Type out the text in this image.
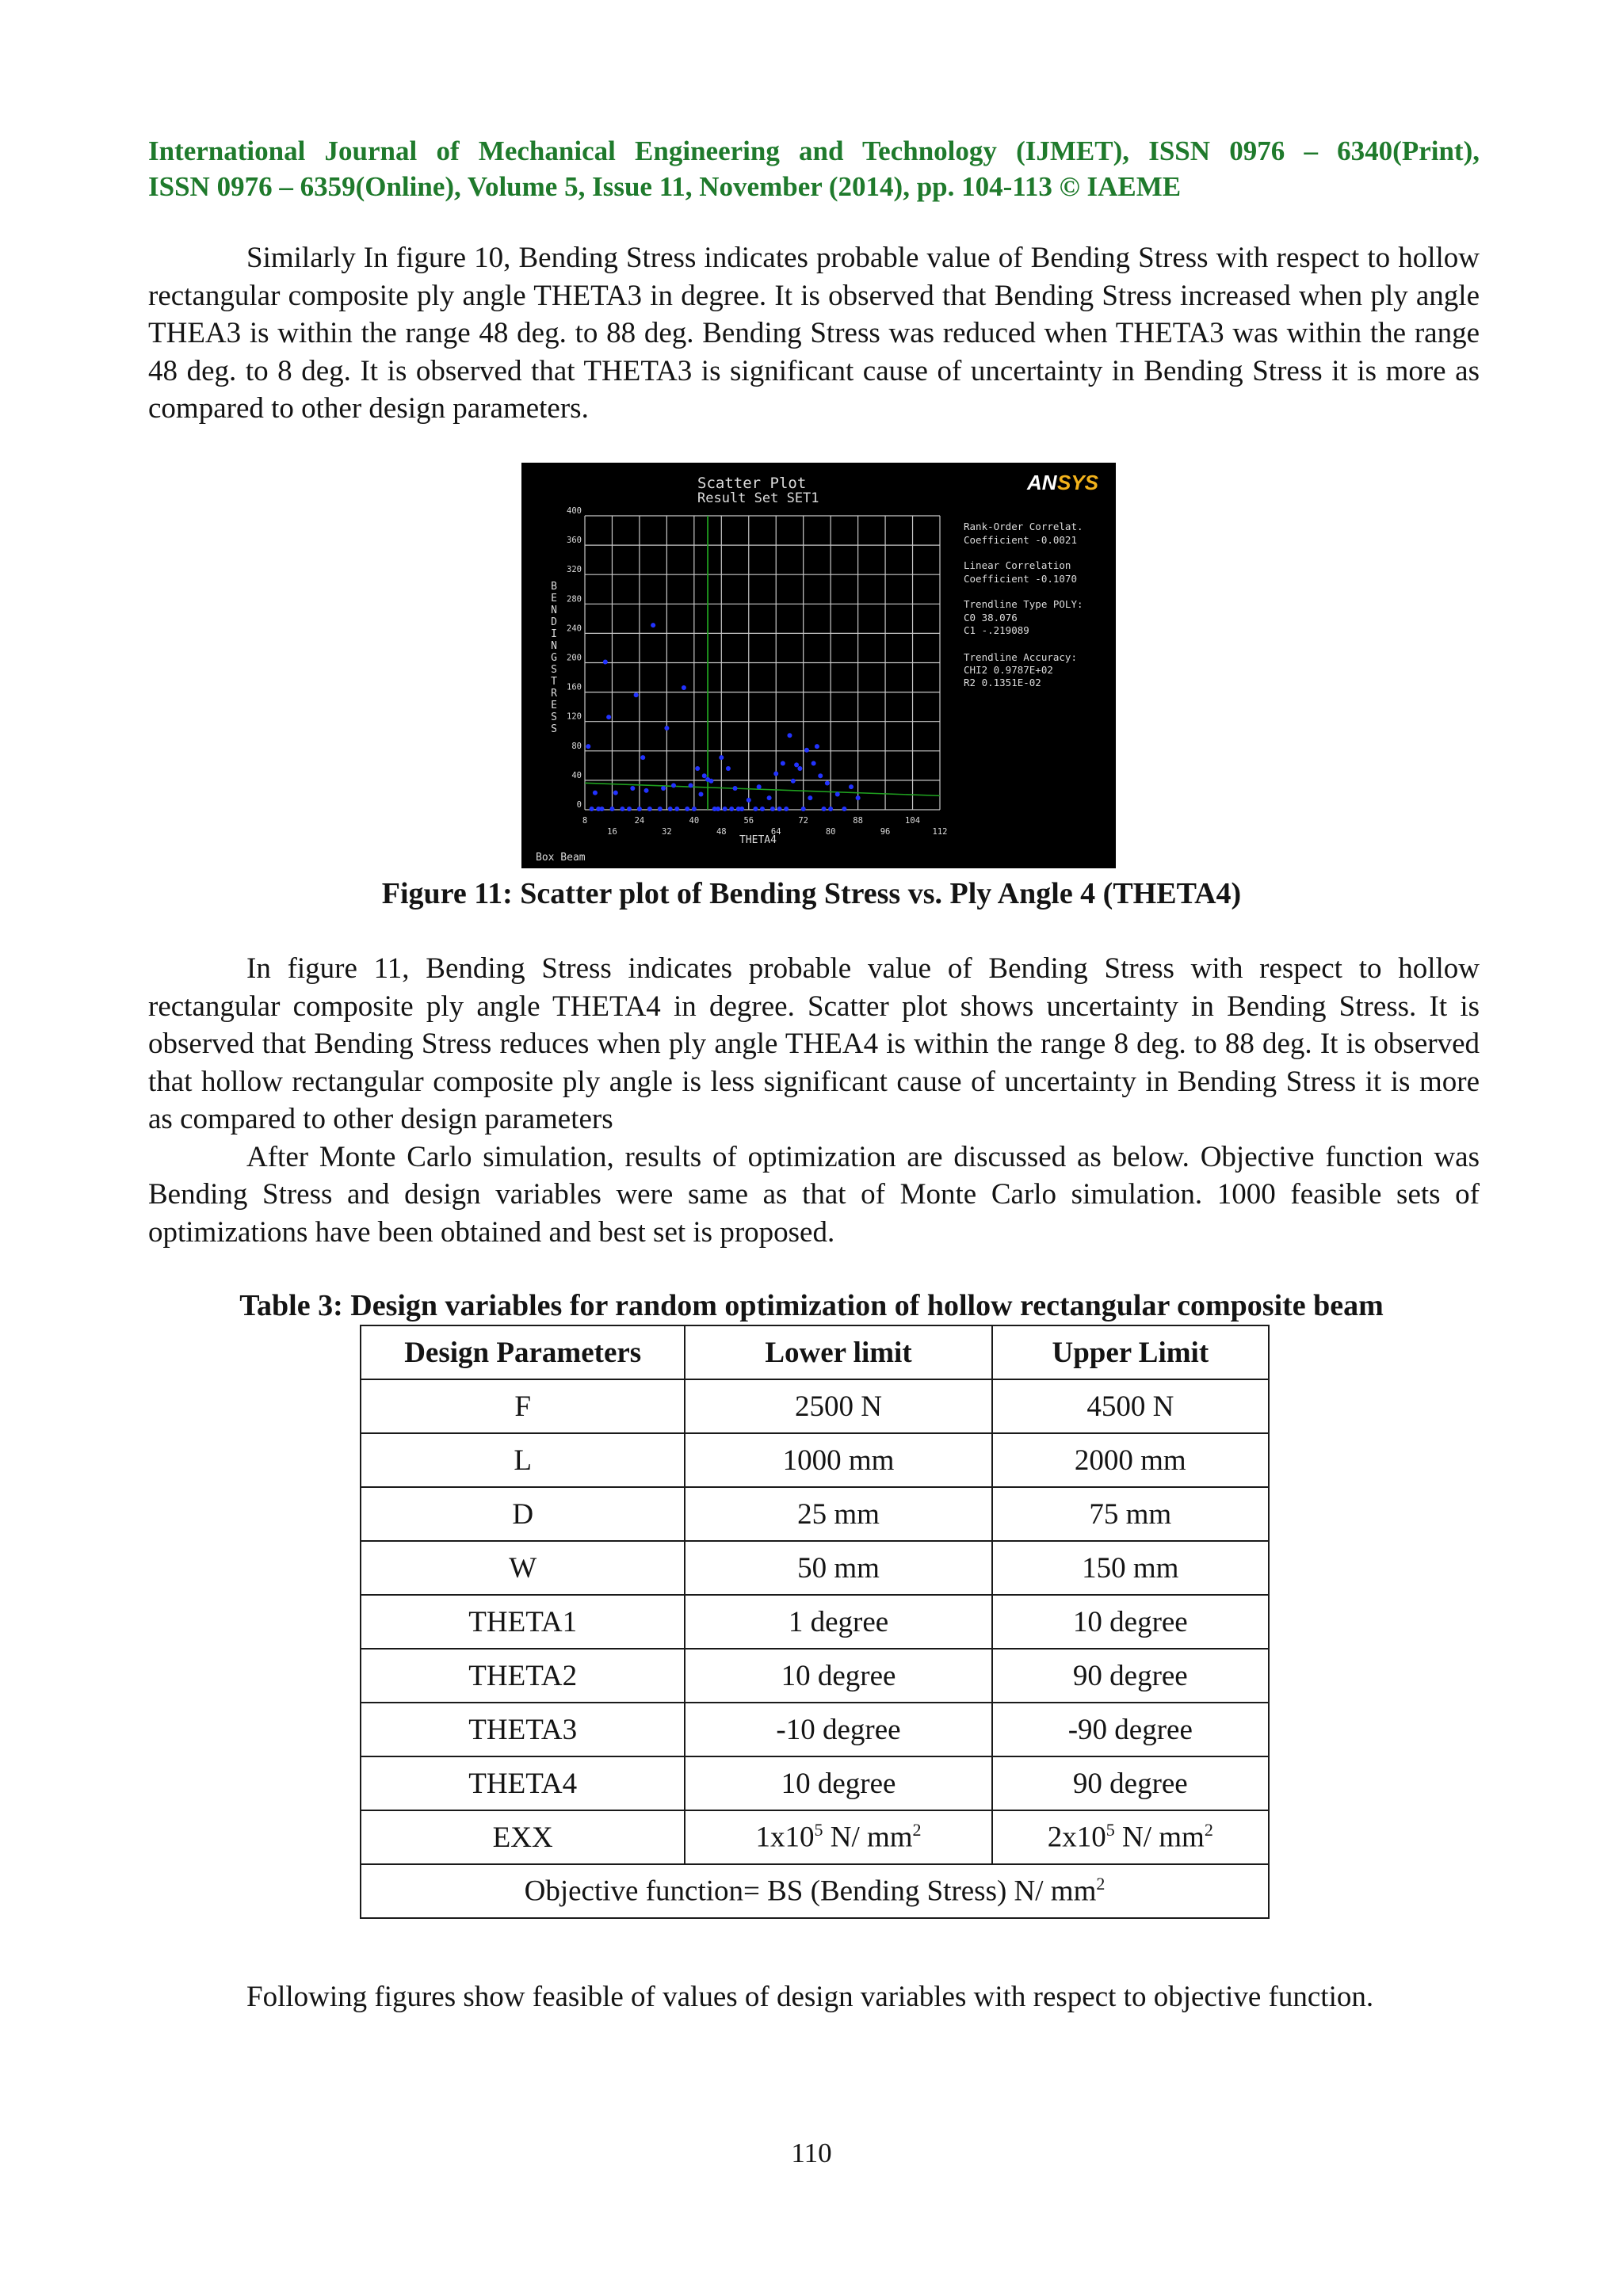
International Journal of Mechanical Engineering and Technology (IJMET), ISSN 0976 – 6340(Print),
ISSN 0976 – 6359(Online), Volume 5, Issue 11, November (2014), pp. 104-113 © IAEME

Similarly In figure 10, Bending Stress indicates probable value of Bending Stress with respect to hollow rectangular composite ply angle THETA3 in degree. It is observed that Bending Stress increased when ply angle THEA3 is within the range 48 deg. to 88 deg. Bending Stress was reduced when THETA3 was within the range 48 deg. to 8 deg. It is observed that THETA3 is significant cause of uncertainty in Bending Stress it is more as compared to other design parameters.

Scatter Plot
Result Set SET1
AN SYS
0
40
80
120
160
200
240
280
320
360
400
8	24	40	56	72	88	104
16	32	48	64	80	96	112
B
E
N
D
I
N
G
S
T
R
E
S
S
THETA4
Box Beam
Rank-Order Correlat.
Coefficient -0.0021
Linear Correlation
Coefficient -0.1070
Trendline Type POLY:
C0 38.076
C1 -.219089
Trendline Accuracy:
CHI2 0.9787E+02
R2 0.1351E-02
Figure 11: Scatter plot of Bending Stress vs. Ply Angle 4 (THETA4)

In figure 11, Bending Stress indicates probable value of Bending Stress with respect to hollow rectangular composite ply angle THETA4 in degree. Scatter plot shows uncertainty in Bending Stress. It is observed that Bending Stress reduces when ply angle THEA4 is within the range 8 deg. to 88 deg. It is observed that hollow rectangular composite ply angle is less significant cause of uncertainty in Bending Stress it is more as compared to other design parameters

After Monte Carlo simulation, results of optimization are discussed as below. Objective function was Bending Stress and design variables were same as that of Monte Carlo simulation. 1000 feasible sets of optimizations have been obtained and best set is proposed.

Table 3: Design variables for random optimization of hollow rectangular composite beam
Design Parameters	Lower limit	Upper Limit
F	2500 N	4500 N
L	1000 mm	2000 mm
D	25 mm	75 mm
W	50 mm	150 mm
THETA1	1 degree	10 degree
THETA2	10 degree	90 degree
THETA3	-10 degree	-90 degree
THETA4	10 degree	90 degree
EXX	$1x10^5$ N/ $mm^2$	$2x10^5$ N/ $mm^2$
Objective function= BS (Bending Stress) N/ $mm^2$

Following figures show feasible of values of design variables with respect to objective function.

110
